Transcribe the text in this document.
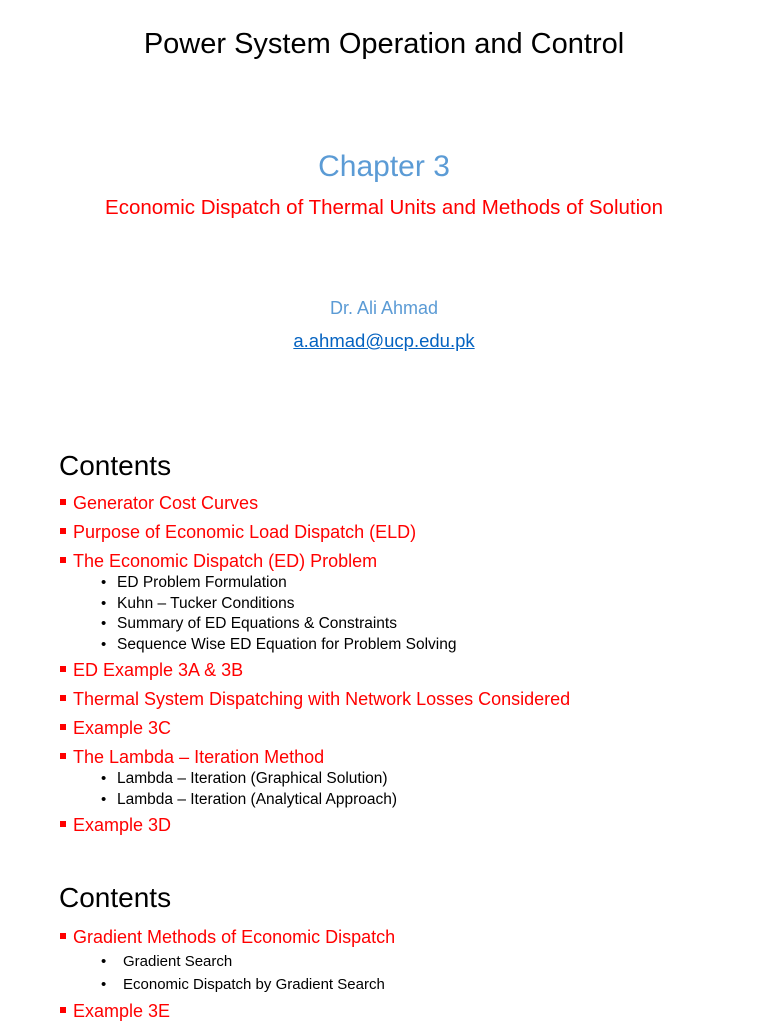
Power System Operation and Control
Chapter 3
Economic Dispatch of Thermal Units and Methods of Solution
Dr. Ali Ahmad
a.ahmad@ucp.edu.pk
Contents
Generator Cost Curves
Purpose of Economic Load Dispatch (ELD)
The Economic Dispatch (ED) Problem
• ED Problem Formulation
• Kuhn – Tucker Conditions
• Summary of ED Equations & Constraints
• Sequence Wise ED Equation for Problem Solving
ED Example 3A & 3B
Thermal System Dispatching with Network Losses Considered
Example 3C
The Lambda – Iteration Method
• Lambda – Iteration (Graphical Solution)
• Lambda – Iteration (Analytical Approach)
Example 3D
Contents
Gradient Methods of Economic Dispatch
• Gradient Search
• Economic Dispatch by Gradient Search
Example 3E
